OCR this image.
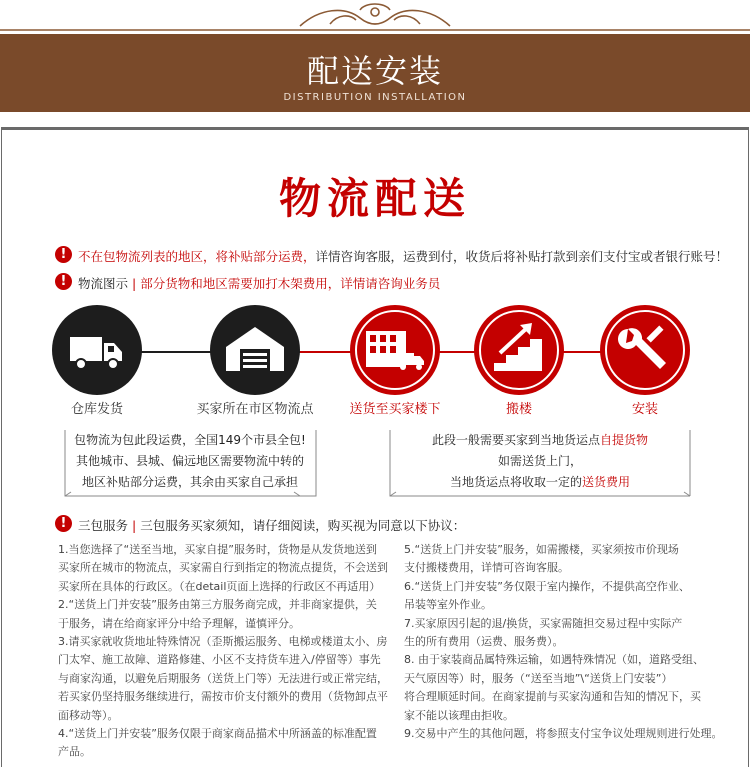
配送安装
DISTRIBUTION INSTALLATION
物流配送
! 不在包物流列表的地区，将补贴部分运费，详情咨询客服，运费到付，收货后将补贴打款到亲们支付宝或者银行账号！
! 物流图示 | 部分货物和地区需要加打木架费用，详情请咨询业务员
仓库发货	买家所在市区物流点	送货至买家楼下	搬楼	安装
包物流为包此段运费，全国149个市县全包!
其他城市、县城、偏远地区需要物流中转的
地区补贴部分运费，其余由买家自己承担
此段一般需要买家到当地货运点自提货物
如需送货上门，
当地货运点将收取一定的送货费用
! 三包服务 | 三包服务买家须知，请仔细阅读，购买视为同意以下协议：
1.当您选择了“送至当地，买家自提”服务时，货物是从发货地送到
买家所在城市的物流点，买家需自行到指定的物流点提货，不会送到
买家所在具体的行政区。（在detail页面上选择的行政区不再适用）
2.“送货上门并安装”服务由第三方服务商完成，并非商家提供，关
于服务，请在给商家评分中给予理解，谨慎评分。
3.请买家就收货地址特殊情况（歪斯搬运服务、电梯或楼道太小、房
门太窄、施工故障、道路修建、小区不支持货车进入/停留等）事先
与商家沟通，以避免后期服务（送货上门等）无法进行或正常完结，
若买家仍坚持服务继续进行，需按市价支付额外的费用（货物卸点平
面移动等）。
4.“送货上门并安装”服务仅限于商家商品描术中所涵盖的标准配置
产品。
5.“送货上门并安装”服务，如需搬楼，买家须按市价现场
支付搬楼费用，详情可咨询客服。
6.“送货上门并安装”务仅限于室内操作，不提供高空作业、
吊装等室外作业。
7.买家原因引起的退/换货，买家需随担交易过程中实际产
生的所有费用（运费、服务费）。
8. 由于家装商品属特殊运输，如遇特殊情况（如，道路受组、
天气原因等）时，服务（“送至当地”\“送货上门安装”）
将合理顺延时间。在商家提前与买家沟通和告知的情况下，买
家不能以该理由拒收。
9.交易中产生的其他问题，将参照支付宝争议处理规则进行处理。
